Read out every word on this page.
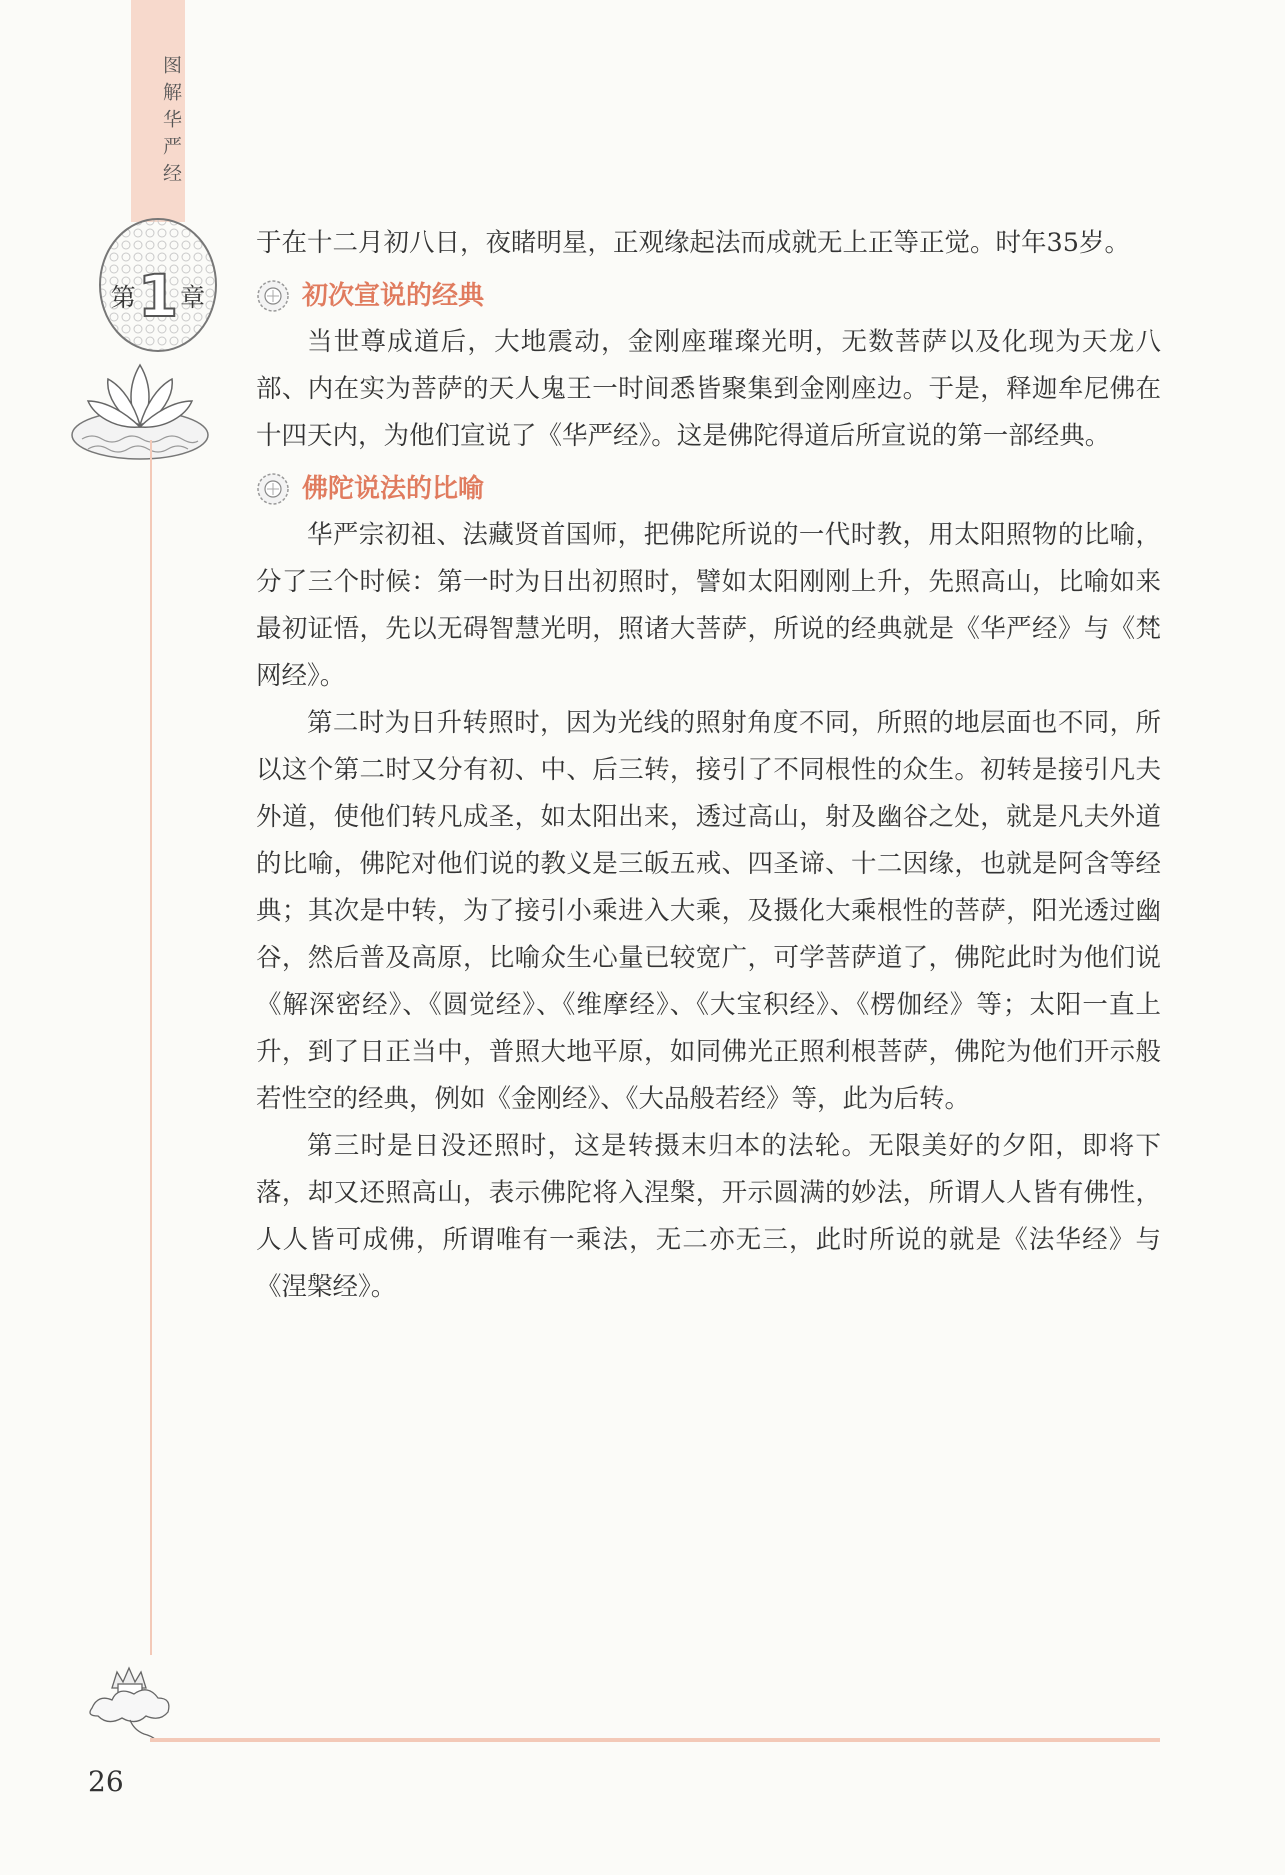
图解华严经
第1章

于在十二月初八日，夜睹明星，正观缘起法而成就无上正等正觉。时年35岁。

初次宣说的经典

当世尊成道后，大地震动，金刚座璀璨光明，无数菩萨以及化现为天龙八部、内在实为菩萨的天人鬼王一时间悉皆聚集到金刚座边。于是，释迦牟尼佛在十四天内，为他们宣说了《华严经》。这是佛陀得道后所宣说的第一部经典。

佛陀说法的比喻

华严宗初祖、法藏贤首国师，把佛陀所说的一代时教，用太阳照物的比喻，分了三个时候：第一时为日出初照时，譬如太阳刚刚上升，先照高山，比喻如来最初证悟，先以无碍智慧光明，照诸大菩萨，所说的经典就是《华严经》与《梵网经》。

第二时为日升转照时，因为光线的照射角度不同，所照的地层面也不同，所以这个第二时又分有初、中、后三转，接引了不同根性的众生。初转是接引凡夫外道，使他们转凡成圣，如太阳出来，透过高山，射及幽谷之处，就是凡夫外道的比喻，佛陀对他们说的教义是三皈五戒、四圣谛、十二因缘，也就是阿含等经典；其次是中转，为了接引小乘进入大乘，及摄化大乘根性的菩萨，阳光透过幽谷，然后普及高原，比喻众生心量已较宽广，可学菩萨道了，佛陀此时为他们说《解深密经》、《圆觉经》、《维摩经》、《大宝积经》、《楞伽经》等；太阳一直上升，到了日正当中，普照大地平原，如同佛光正照利根菩萨，佛陀为他们开示般若性空的经典，例如《金刚经》、《大品般若经》等，此为后转。

第三时是日没还照时，这是转摄末归本的法轮。无限美好的夕阳，即将下落，却又还照高山，表示佛陀将入涅槃，开示圆满的妙法，所谓人人皆有佛性，人人皆可成佛，所谓唯有一乘法，无二亦无三，此时所说的就是《法华经》与《涅槃经》。

26
